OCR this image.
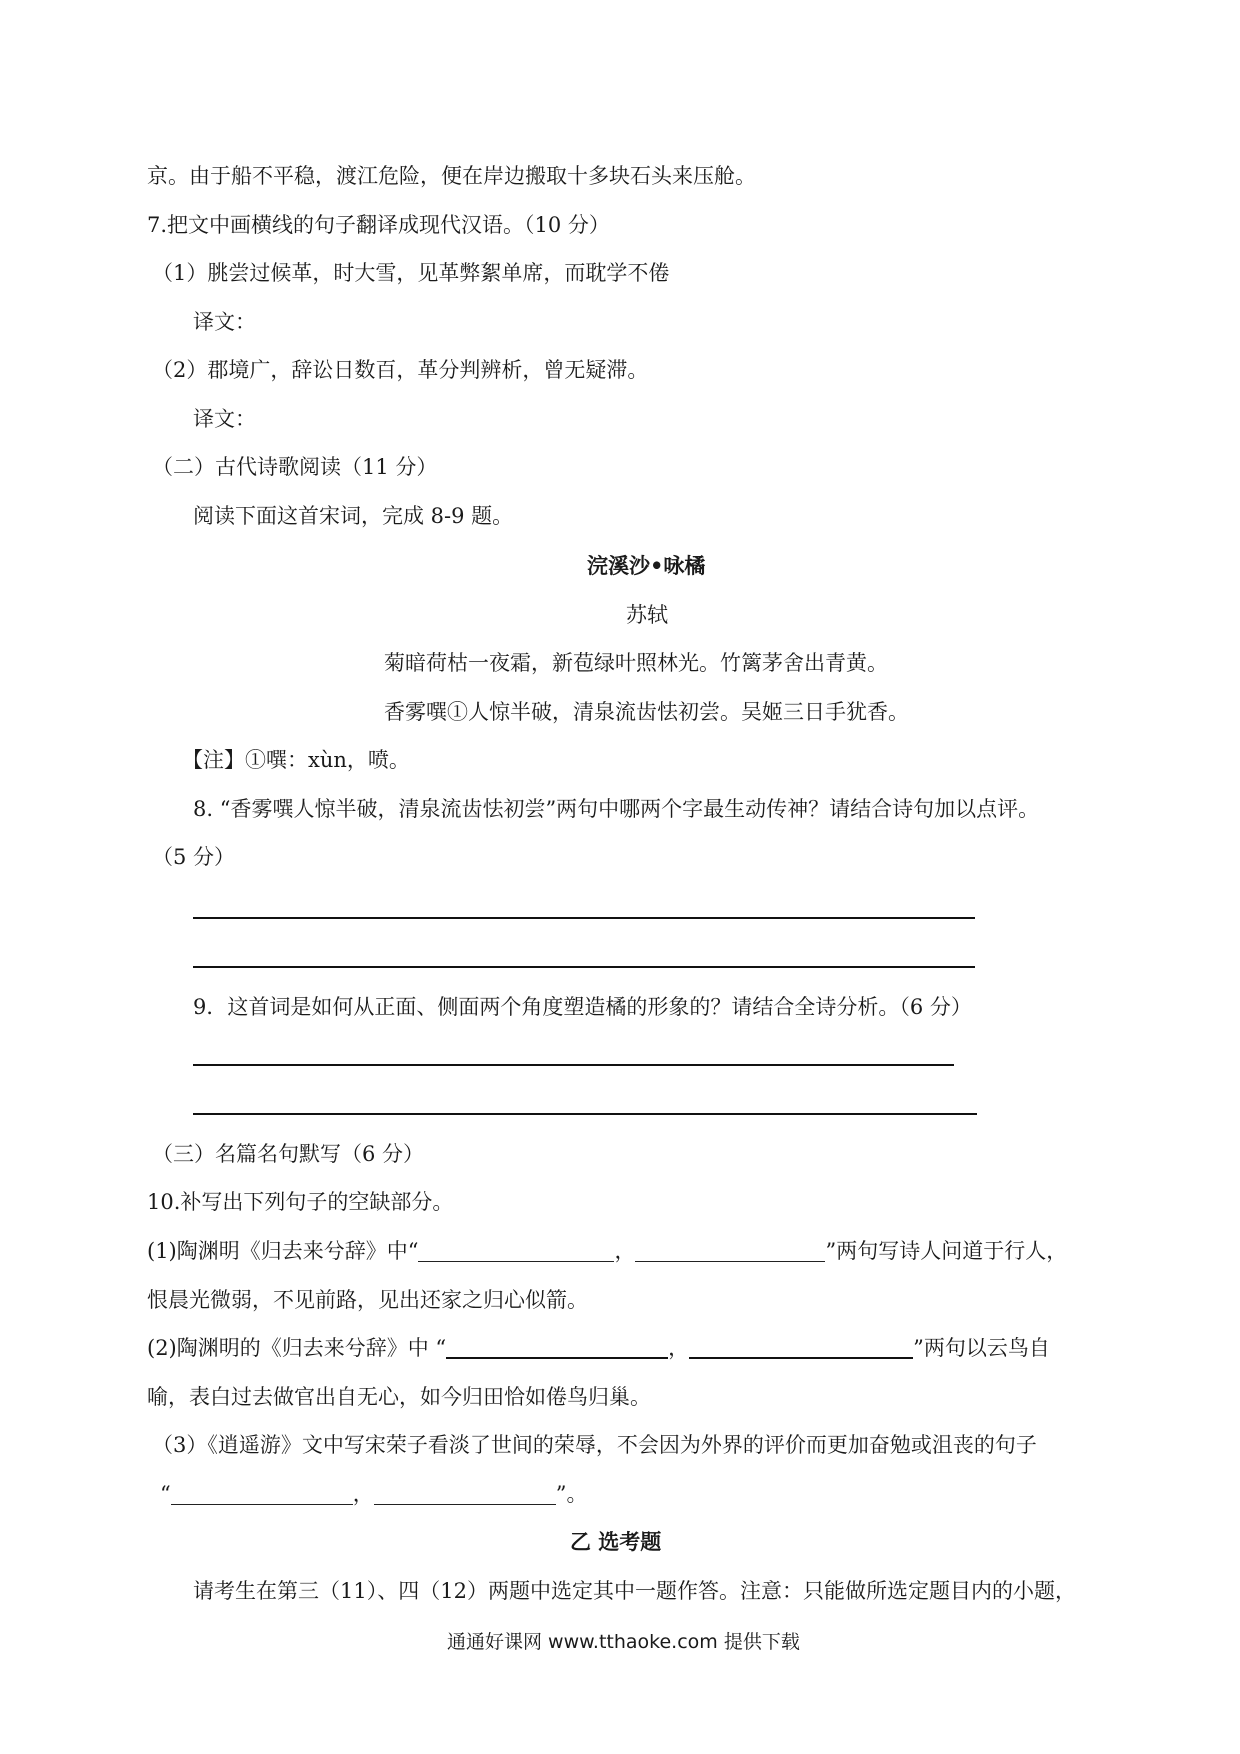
京。由于船不平稳，渡江危险，便在岸边搬取十多块石头来压舱。
7.把文中画横线的句子翻译成现代汉语。（10 分）
（1）朓尝过候革，时大雪，见革弊絮单席，而耽学不倦
译文：
（2）郡境广，辞讼日数百，革分判辨析，曾无疑滞。
译文：
（二）古代诗歌阅读（11 分）
阅读下面这首宋词，完成 8-9 题。
浣溪沙•咏橘
苏轼
菊暗荷枯一夜霜，新苞绿叶照林光。竹篱茅舍出青黄。
香雾噀①人惊半破，清泉流齿怯初尝。吴姬三日手犹香。
【注】①噀：xùn，喷。
8. “香雾噀人惊半破，清泉流齿怯初尝”两句中哪两个字最生动传神？请结合诗句加以点评。
（5 分）
9．这首词是如何从正面、侧面两个角度塑造橘的形象的？请结合全诗分析。（6 分）
（三）名篇名句默写（6 分）
10.补写出下列句子的空缺部分。
(1)陶渊明《归去来兮辞》中“	，	”两句写诗人问道于行人，
恨晨光微弱，不见前路，见出还家之归心似箭。
(2)陶渊明的《归去来兮辞》中 “	，	”两句以云鸟自
喻，表白过去做官出自无心，如今归田恰如倦鸟归巢。
（3）《逍遥游》文中写宋荣子看淡了世间的荣辱，不会因为外界的评价而更加奋勉或沮丧的句子
“	，	”。
乙 选考题
请考生在第三（11）、四（12）两题中选定其中一题作答。注意：只能做所选定题目内的小题，
通通好课网 www.tthaoke.com 提供下载
